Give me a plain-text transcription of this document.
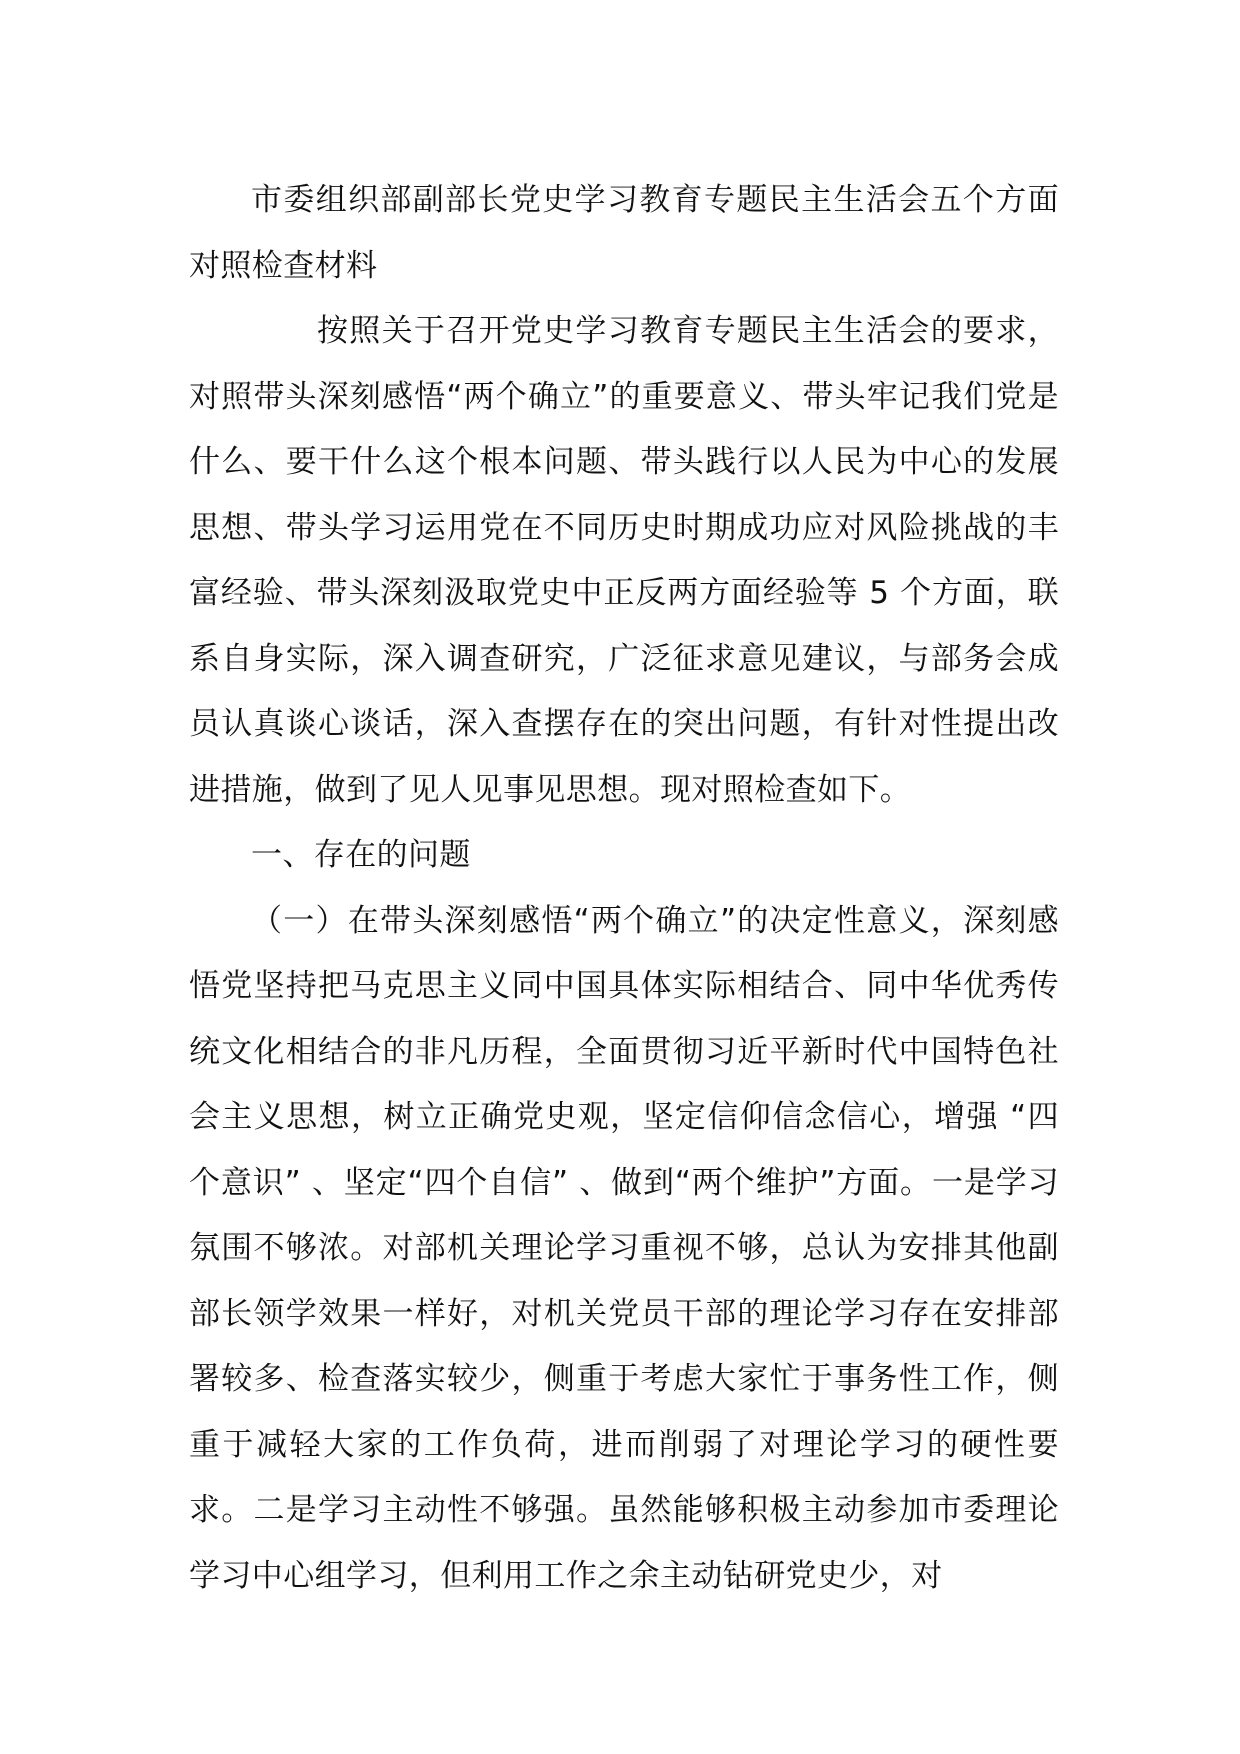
市委组织部副部长党史学习教育专题民主生活会五个方面对照检查材料

按照关于召开党史学习教育专题民主生活会的要求，对照带头深刻感悟“两个确立”的重要意义、带头牢记我们党是什么、要干什么这个根本问题、带头践行以人民为中心的发展思想、带头学习运用党在不同历史时期成功应对风险挑战的丰富经验、带头深刻汲取党史中正反两方面经验等 5 个方面，联系自身实际，深入调查研究，广泛征求意见建议，与部务会成员认真谈心谈话，深入查摆存在的突出问题，有针对性提出改进措施，做到了见人见事见思想。现对照检查如下。

一、存在的问题

（一）在带头深刻感悟“两个确立”的决定性意义，深刻感悟党坚持把马克思主义同中国具体实际相结合、同中华优秀传统文化相结合的非凡历程，全面贯彻习近平新时代中国特色社会主义思想，树立正确党史观，坚定信仰信念信心，增强 “四个意识” 、坚定“四个自信” 、做到“两个维护”方面。一是学习氛围不够浓。对部机关理论学习重视不够，总认为安排其他副部长领学效果一样好，对机关党员干部的理论学习存在安排部署较多、检查落实较少，侧重于考虑大家忙于事务性工作，侧重于减轻大家的工作负荷，进而削弱了对理论学习的硬性要求。二是学习主动性不够强。虽然能够积极主动参加市委理论学习中心组学习，但利用工作之余主动钻研党史少，对
